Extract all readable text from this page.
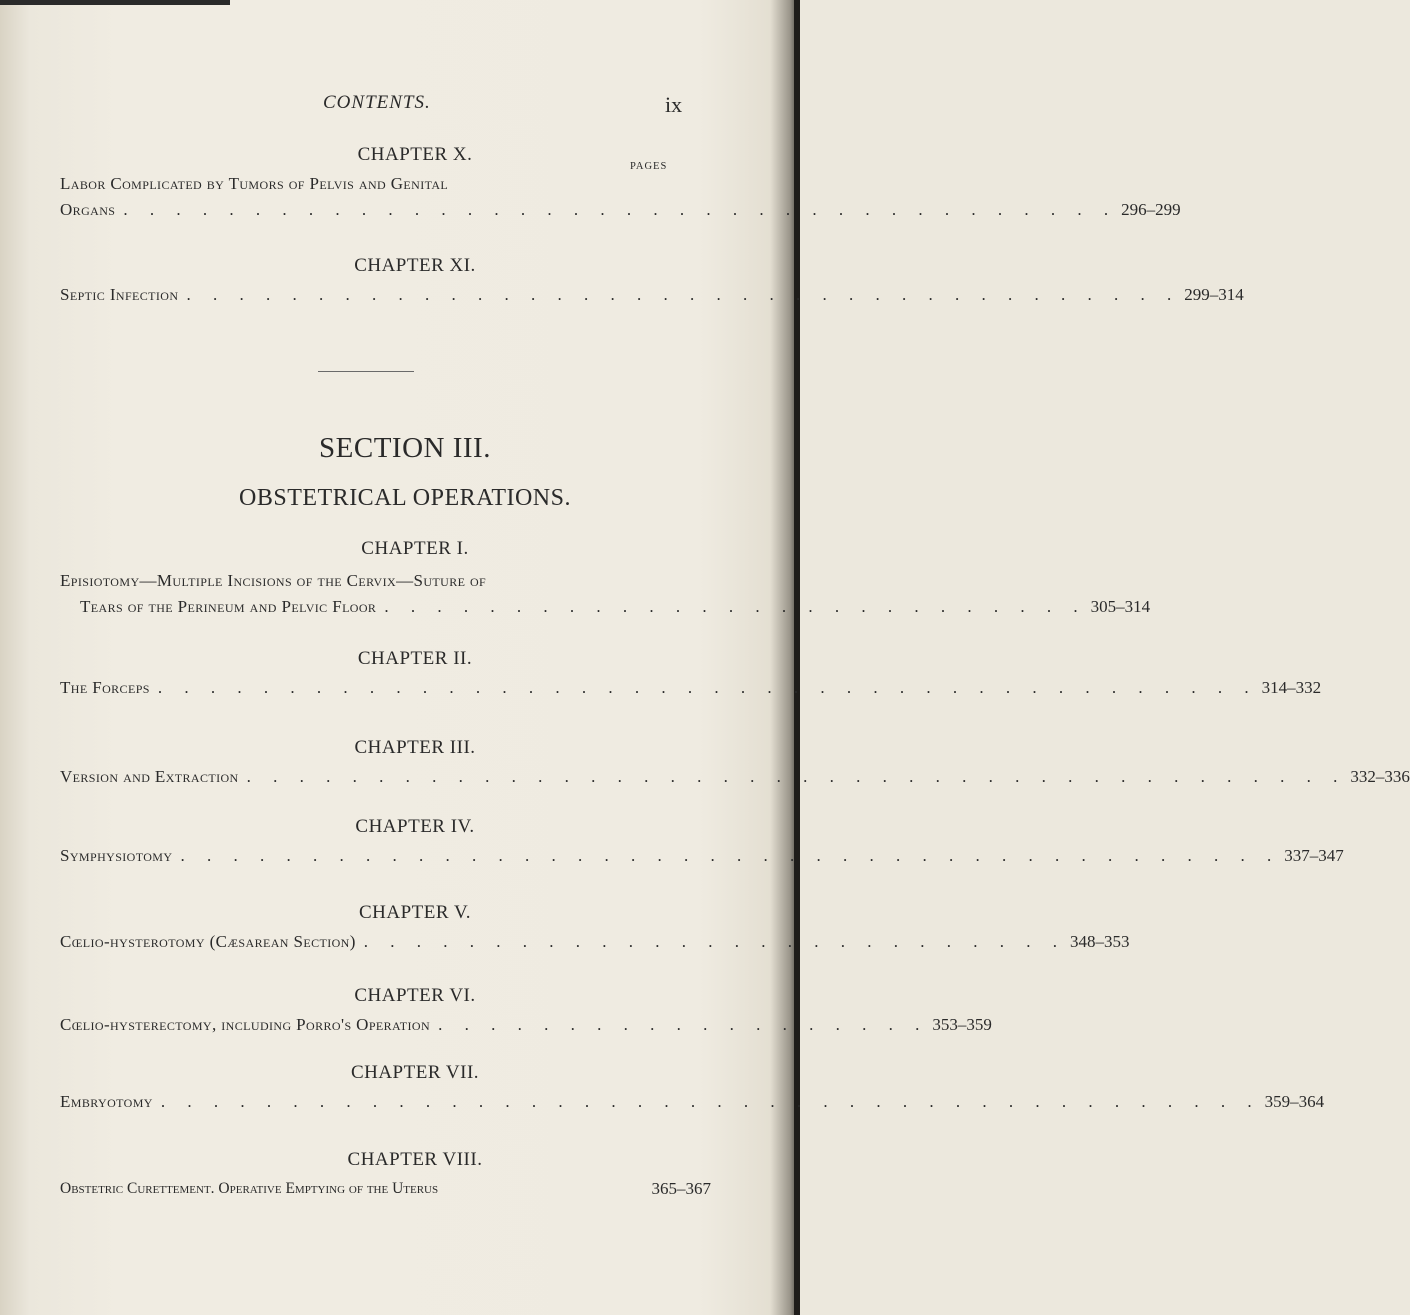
CONTENTS.	ix
PAGES
CHAPTER X.
Labor Complicated by Tumors of Pelvis and Genital
Organs . . . . . . . . . . . . . . . . . . . . . . . . . . . . . . . . . . . . . . 296–299
CHAPTER XI.
Septic Infection . . . . . . . . . . . . . . . . . . . . . . . . . . . . . . . . . . . . . . 299–314
SECTION III.
OBSTETRICAL OPERATIONS.
CHAPTER I.
Episiotomy—Multiple Incisions of the Cervix—Suture of
Tears of the Perineum and Pelvic Floor . . . . . . . . . . . . . . . . . . . . . . . . . . . 305–314
CHAPTER II.
The Forceps . . . . . . . . . . . . . . . . . . . . . . . . . . . . . . . . . . . . . . . . . . 314–332
CHAPTER III.
Version and Extraction . . . . . . . . . . . . . . . . . . . . . . . . . . . . . . . . . . . . . . . . . . 332–336
CHAPTER IV.
Symphysiotomy . . . . . . . . . . . . . . . . . . . . . . . . . . . . . . . . . . . . . . . . . . 337–347
CHAPTER V.
Cœlio-hysterotomy (Cæsarean Section) . . . . . . . . . . . . . . . . . . . . . . . . . . . 348–353
CHAPTER VI.
Cœlio-hysterectomy, including Porro's Operation . . . . . . . . . . . . . . . . . . . 353–359
CHAPTER VII.
Embryotomy . . . . . . . . . . . . . . . . . . . . . . . . . . . . . . . . . . . . . . . . . . 359–364
CHAPTER VIII.
Obstetric Curettement. Operative Emptying of the Uterus	365–367
